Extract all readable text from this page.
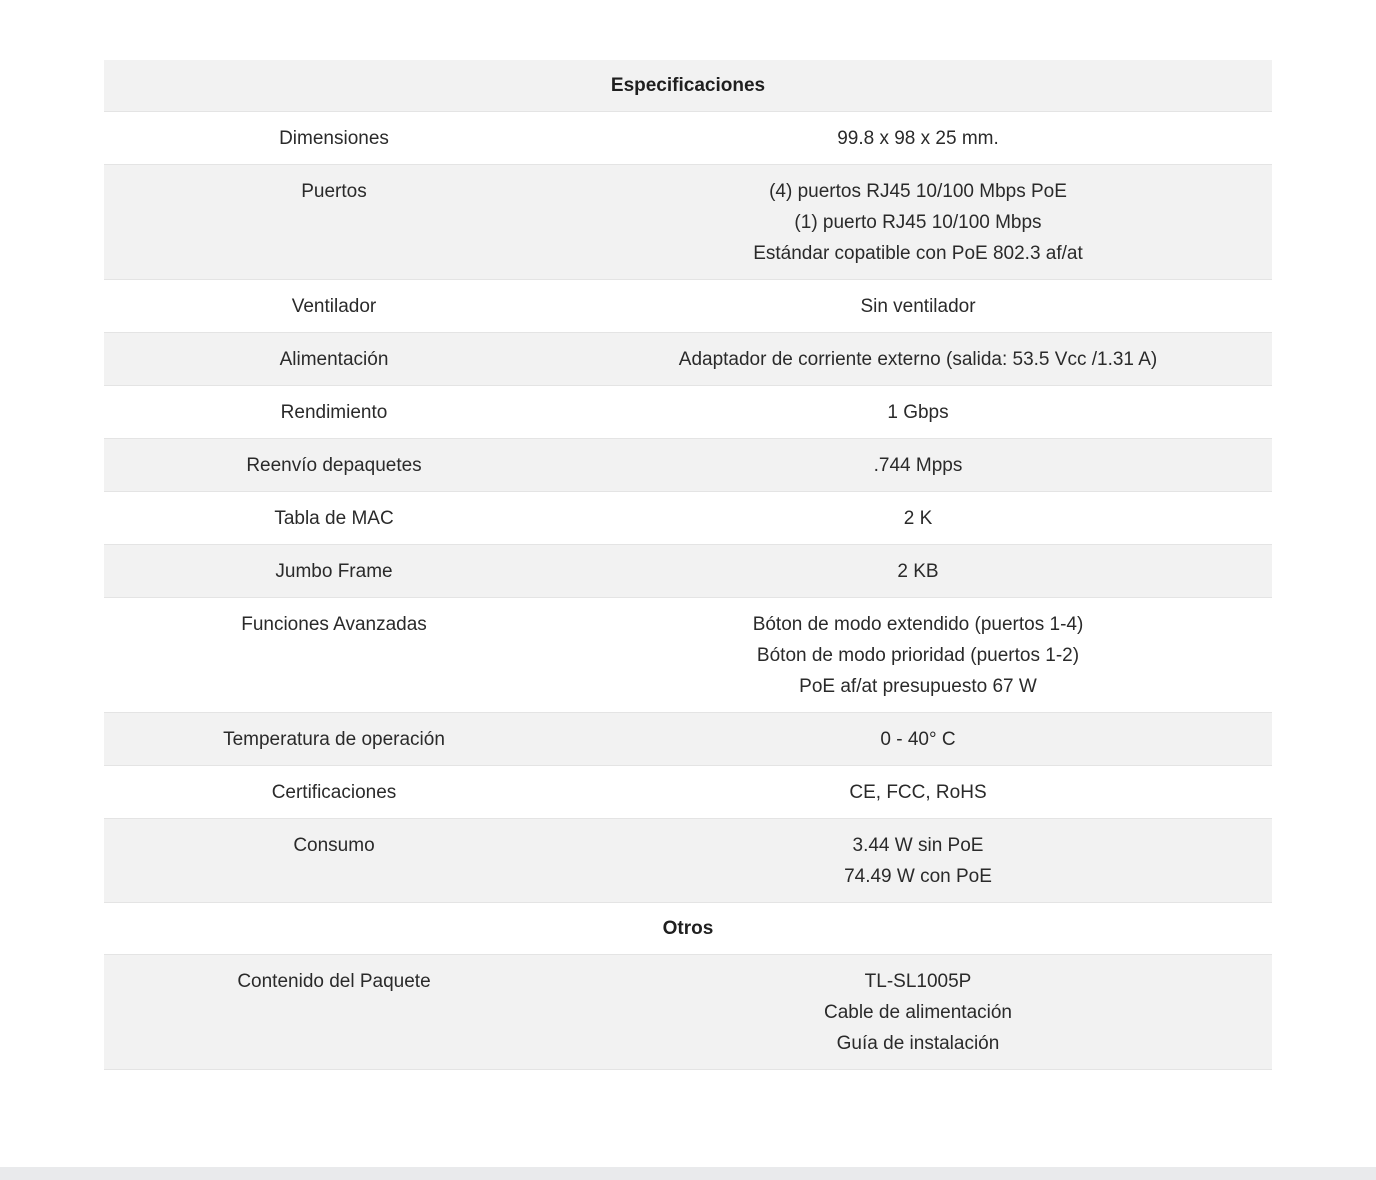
Especificaciones
Dimensiones	99.8 x 98 x 25 mm.
Puertos	(4) puertos RJ45 10/100 Mbps PoE
(1) puerto RJ45 10/100 Mbps
Estándar copatible con PoE 802.3 af/at
Ventilador	Sin ventilador
Alimentación	Adaptador de corriente externo (salida: 53.5 Vcc /1.31 A)
Rendimiento	1 Gbps
Reenvío depaquetes	.744 Mpps
Tabla de MAC	2 K
Jumbo Frame	2 KB
Funciones Avanzadas	Bóton de modo extendido (puertos 1-4)
Bóton de modo prioridad (puertos 1-2)
PoE af/at presupuesto 67 W
Temperatura de operación	0 - 40° C
Certificaciones	CE, FCC, RoHS
Consumo	3.44 W sin PoE
74.49 W con PoE
Otros
Contenido del Paquete	TL-SL1005P
Cable de alimentación
Guía de instalación
